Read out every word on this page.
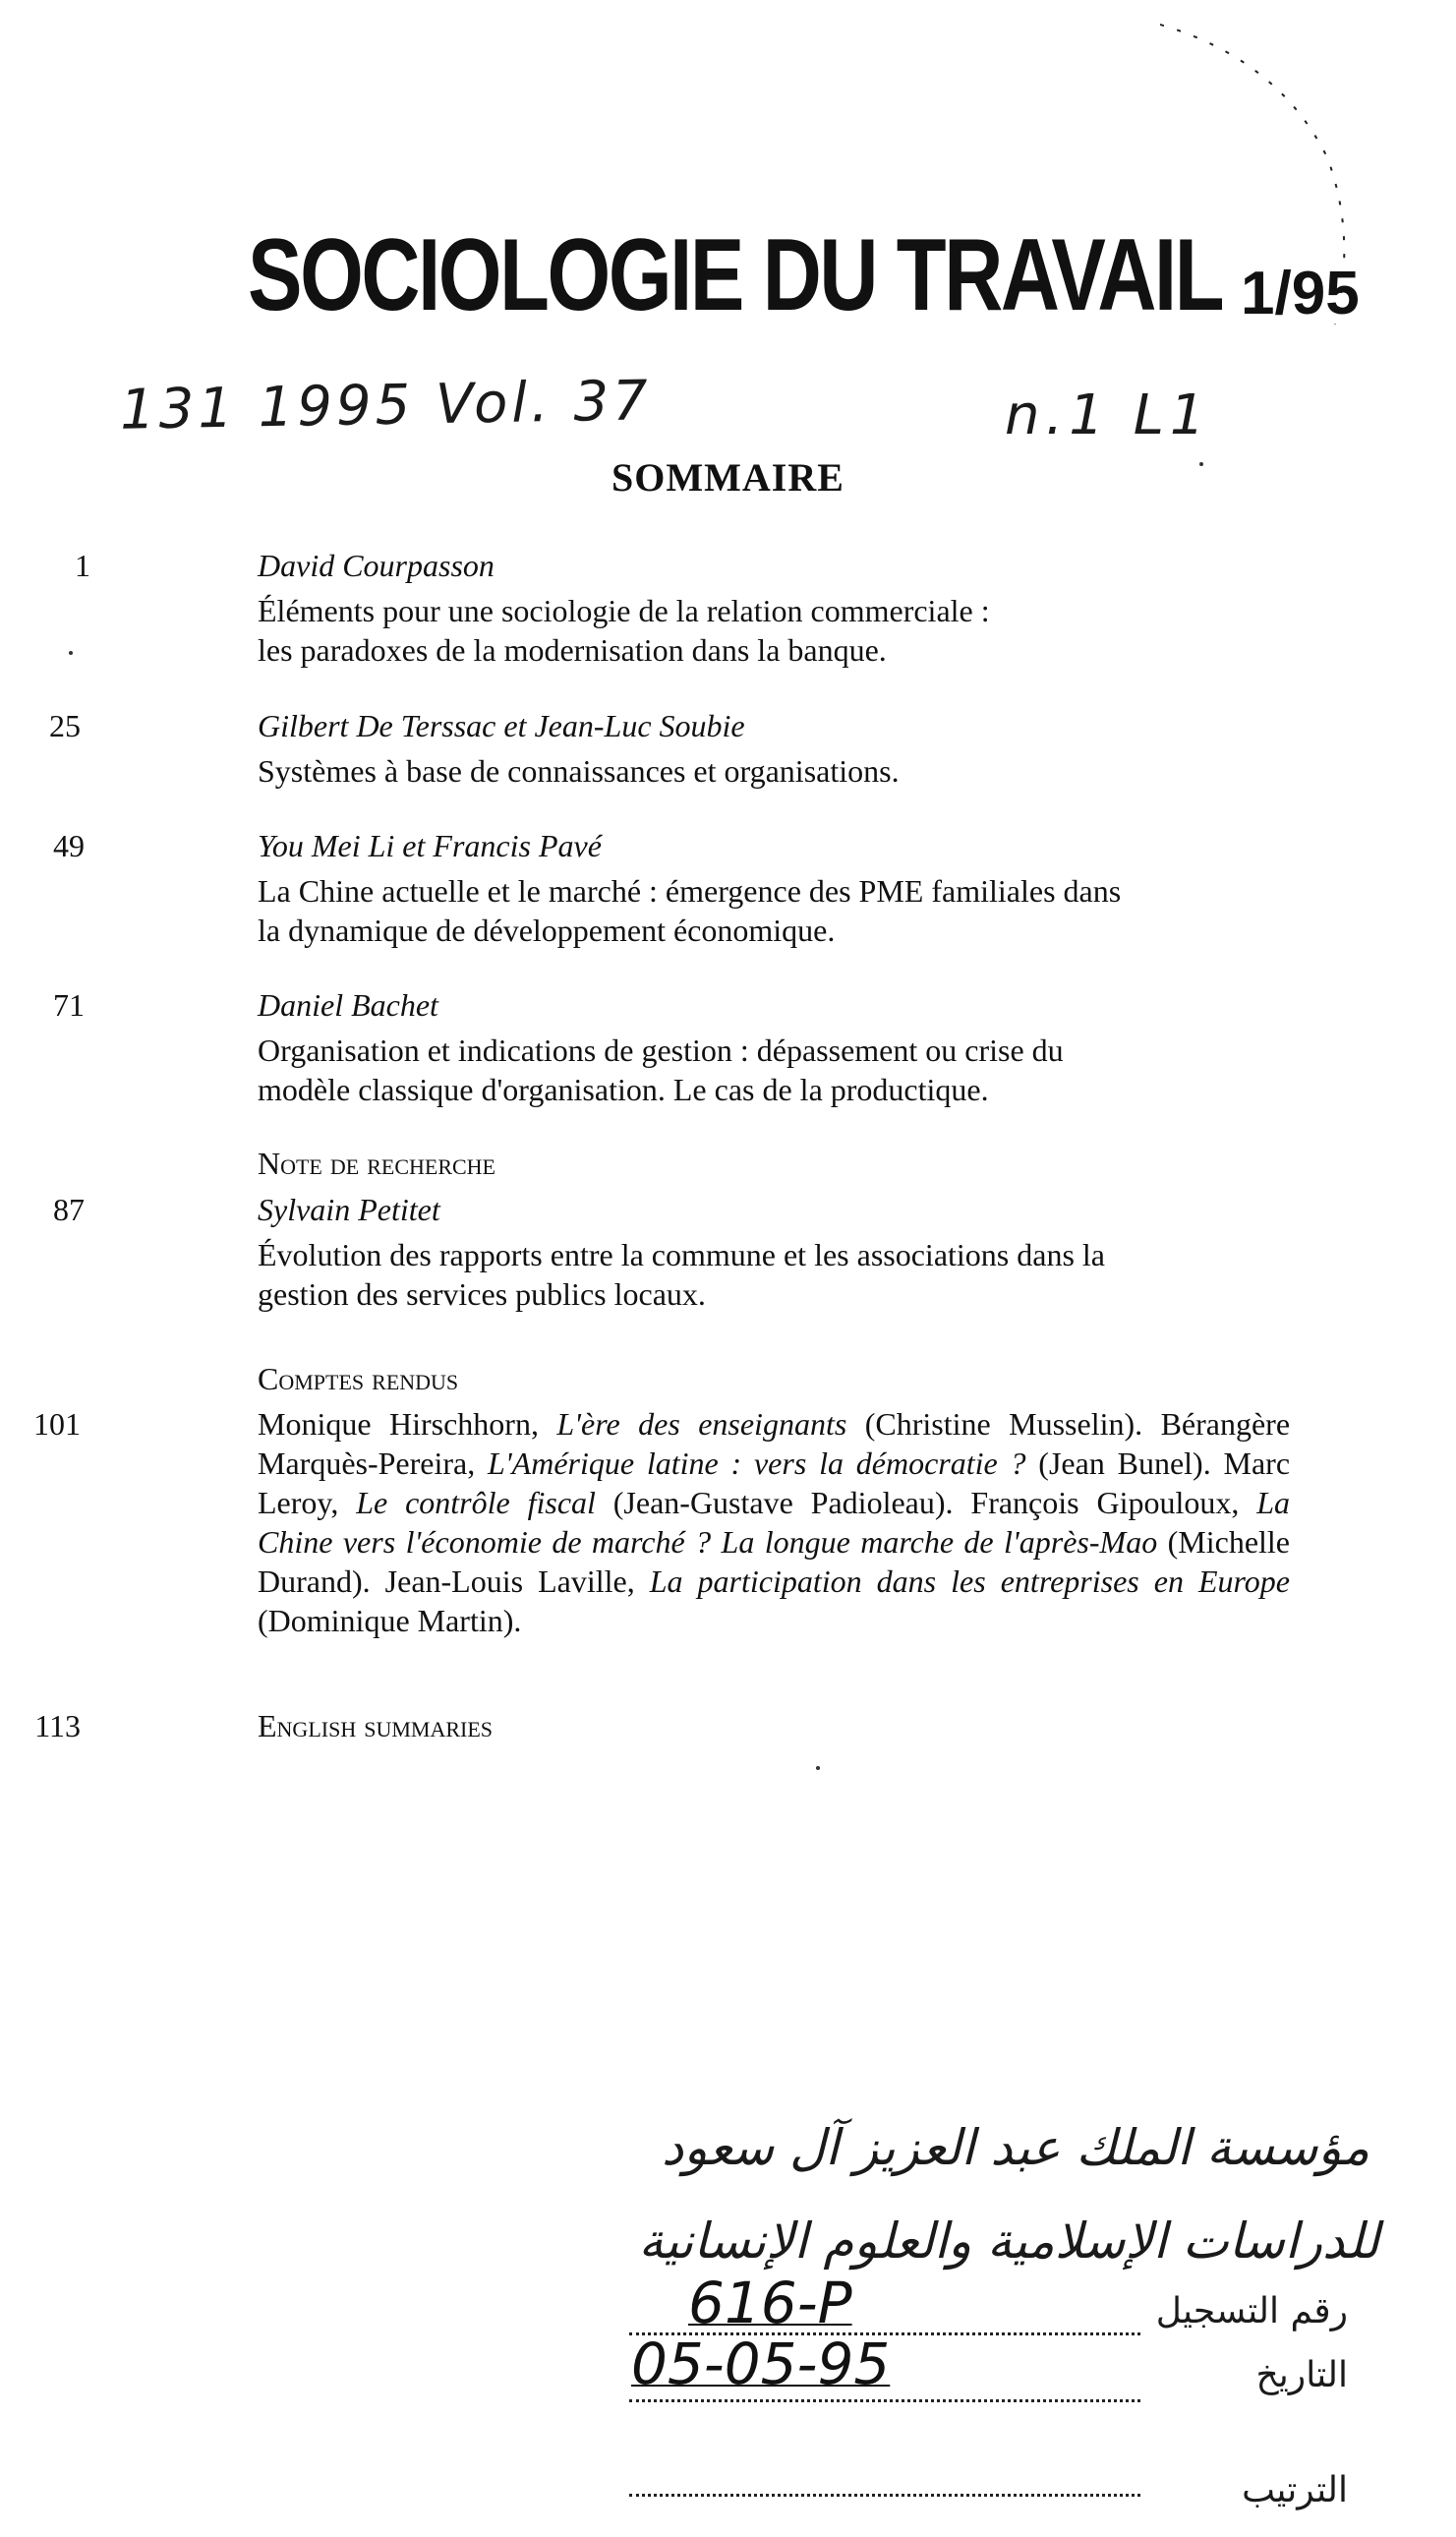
SOCIOLOGIE DU TRAVAIL 1/95
131 1995 Vol. 37	n.1 L1
SOMMAIRE
1	David Courpasson
Éléments pour une sociologie de la relation commerciale :
les paradoxes de la modernisation dans la banque.
25	Gilbert De Terssac et Jean-Luc Soubie
Systèmes à base de connaissances et organisations.
49	You Mei Li et Francis Pavé
La Chine actuelle et le marché : émergence des PME familiales dans
la dynamique de développement économique.
71	Daniel Bachet
Organisation et indications de gestion : dépassement ou crise du
modèle classique d'organisation. Le cas de la productique.
Note de recherche
87	Sylvain Petitet
Évolution des rapports entre la commune et les associations dans la
gestion des services publics locaux.
Comptes rendus
101	Monique Hirschhorn, L'ère des enseignants (Christine Musselin). Bérangère Marquès-Pereira, L'Amérique latine : vers la démocratie ? (Jean Bunel). Marc Leroy, Le contrôle fiscal (Jean-Gustave Padioleau). François Gipouloux, La Chine vers l'économie de marché ? La longue marche de l'après-Mao (Michelle Durand). Jean-Louis Laville, La participation dans les entreprises en Europe (Dominique Martin).

113	English summaries
مؤسسة الملك عبد العزيز آل سعود
للدراسات الإسلامية والعلوم الإنسانية
616-P	رقم التسجيل
05-05-95	التاريخ
الترتيب
